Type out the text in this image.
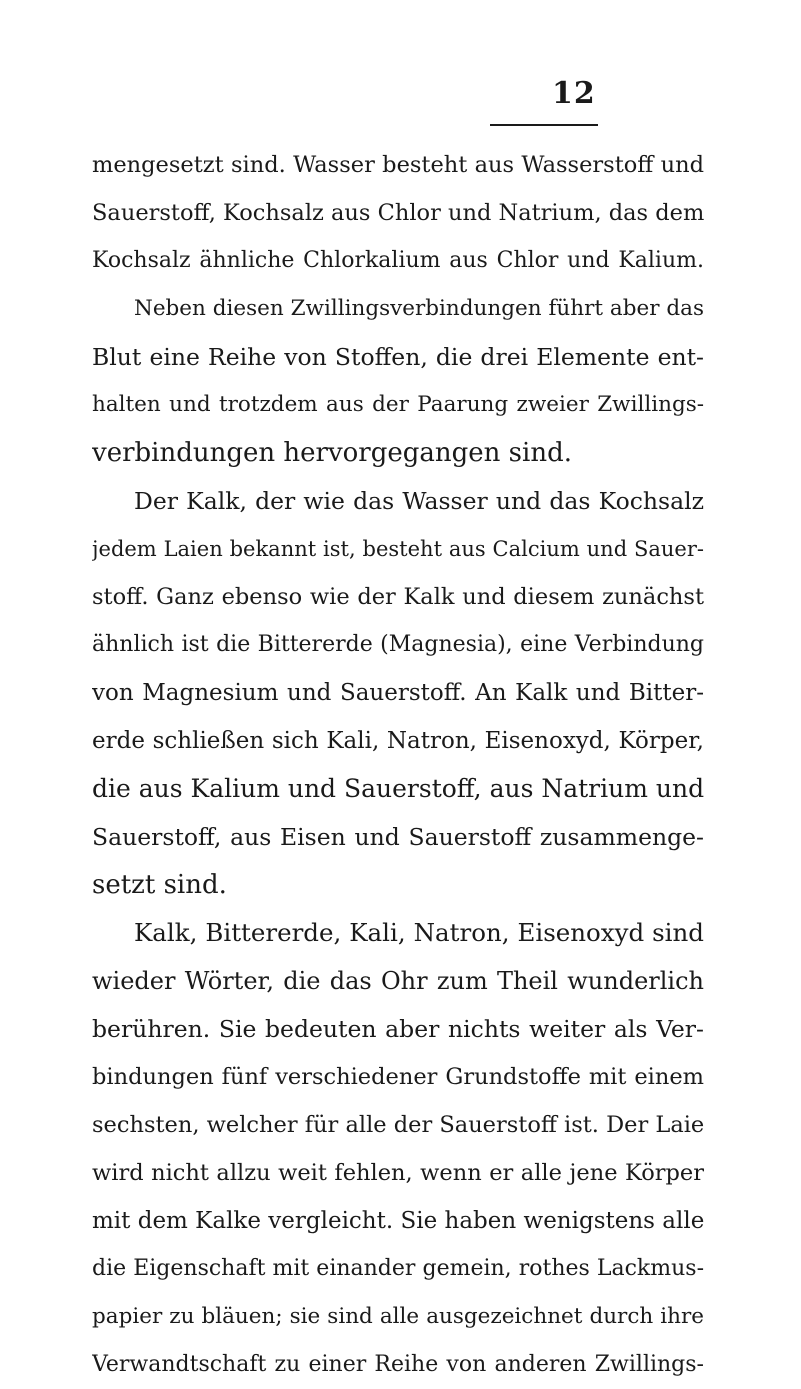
12
mengesetzt sind. Wasser besteht aus Wasserstoff und
Sauerstoff, Kochsalz aus Chlor und Natrium, das dem
Kochsalz ähnliche Chlorkalium aus Chlor und Kalium.
Neben diesen Zwillingsverbindungen führt aber das
Blut eine Reihe von Stoffen, die drei Elemente ent-
halten und trotzdem aus der Paarung zweier Zwillings-
verbindungen hervorgegangen sind.
Der Kalk, der wie das Wasser und das Kochsalz
jedem Laien bekannt ist, besteht aus Calcium und Sauer-
stoff. Ganz ebenso wie der Kalk und diesem zunächst
ähnlich ist die Bittererde (Magnesia), eine Verbindung
von Magnesium und Sauerstoff. An Kalk und Bitter-
erde schließen sich Kali, Natron, Eisenoxyd, Körper,
die aus Kalium und Sauerstoff, aus Natrium und
Sauerstoff, aus Eisen und Sauerstoff zusammenge-
setzt sind.
Kalk, Bittererde, Kali, Natron, Eisenoxyd sind
wieder Wörter, die das Ohr zum Theil wunderlich
berühren. Sie bedeuten aber nichts weiter als Ver-
bindungen fünf verschiedener Grundstoffe mit einem
sechsten, welcher für alle der Sauerstoff ist. Der Laie
wird nicht allzu weit fehlen, wenn er alle jene Körper
mit dem Kalke vergleicht. Sie haben wenigstens alle
die Eigenschaft mit einander gemein, rothes Lackmus-
papier zu bläuen; sie sind alle ausgezeichnet durch ihre
Verwandtschaft zu einer Reihe von anderen Zwillings-
